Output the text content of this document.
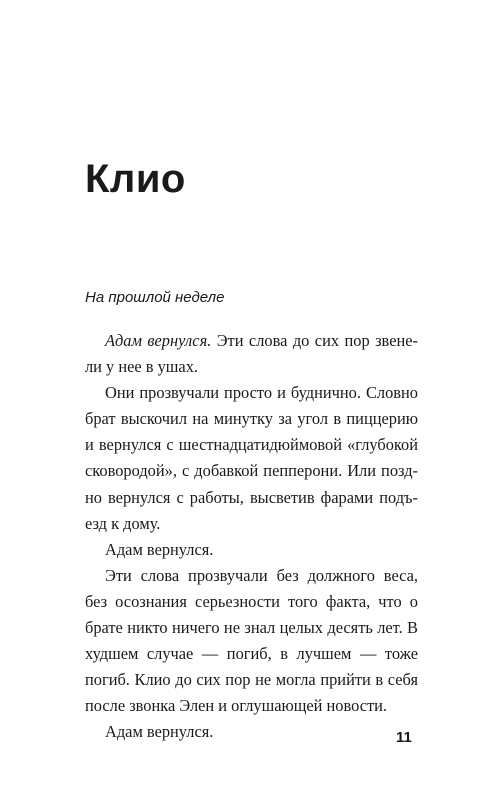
Клио

На прошлой неделе

Адам вернулся. Эти слова до сих пор звенели у нее в ушах.

Они прозвучали просто и буднично. Словно брат выскочил на минутку за угол в пиццерию и вернулся с шестнадцатидюймовой «глубокой сковородой», с добавкой пепперони. Или поздно вернулся с работы, высветив фарами подъезд к дому.

Адам вернулся.

Эти слова прозвучали без должного веса, без осознания серьезности того факта, что о брате никто ничего не знал целых десять лет. В худшем случае — погиб, в лучшем — тоже погиб. Клио до сих пор не могла прийти в себя после звонка Элен и оглушающей новости.

Адам вернулся.	11
